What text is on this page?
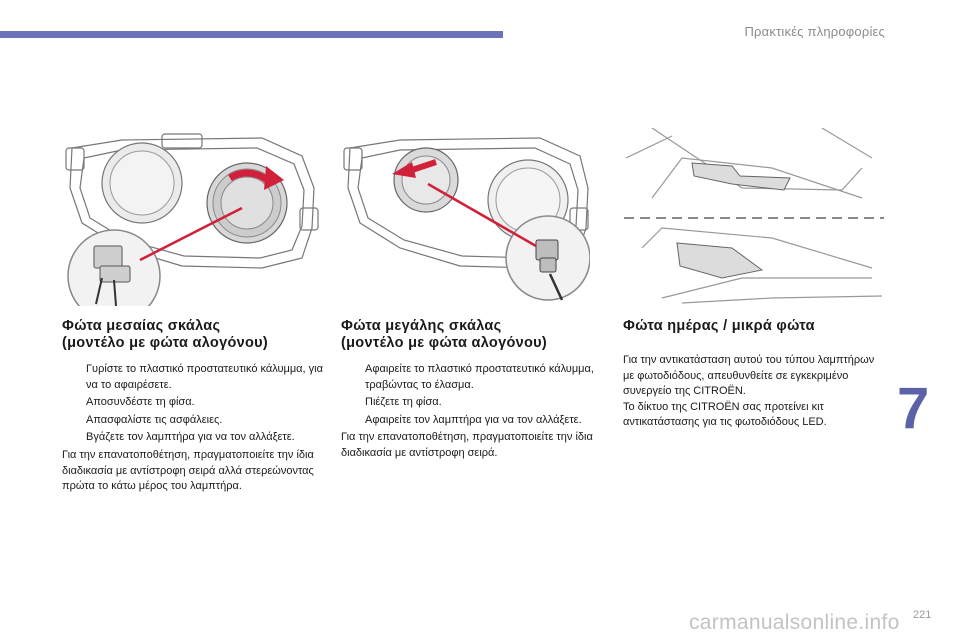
Πρακτικές πληροφορίες
Φώτα μεσαίας σκάλας
(μοντέλο με φώτα αλογόνου)
Γυρίστε το πλαστικό προστατευτικό κάλυμμα, για να το αφαιρέσετε.
Αποσυνδέστε τη φίσα.
Απασφαλίστε τις ασφάλειες.
Βγάζετε τον λαμπτήρα για να τον αλλάξετε.

Για την επανατοποθέτηση, πραγματοποιείτε την ίδια διαδικασία με αντίστροφη σειρά αλλά στερεώνοντας πρώτα το κάτω μέρος του λαμπτήρα.

Φώτα μεγάλης σκάλας
(μοντέλο με φώτα αλογόνου)
Αφαιρείτε το πλαστικό προστατευτικό κάλυμμα, τραβώντας το έλασμα.
Πιέζετε τη φίσα.
Αφαιρείτε τον λαμπτήρα για να τον αλλάξετε.

Για την επανατοποθέτηση, πραγματοποιείτε την ίδια διαδικασία με αντίστροφη σειρά.

Φώτα ημέρας / μικρά φώτα

Για την αντικατάσταση αυτού του τύπου λαμπτήρων με φωτοδιόδους, απευθυνθείτε σε εγκεκριμένο συνεργείο της CITROËN.

Το δίκτυο της CITROËN σας προτείνει κιτ αντικατάστασης για τις φωτοδιόδους LED.	7
carmanualsonline.info 221
